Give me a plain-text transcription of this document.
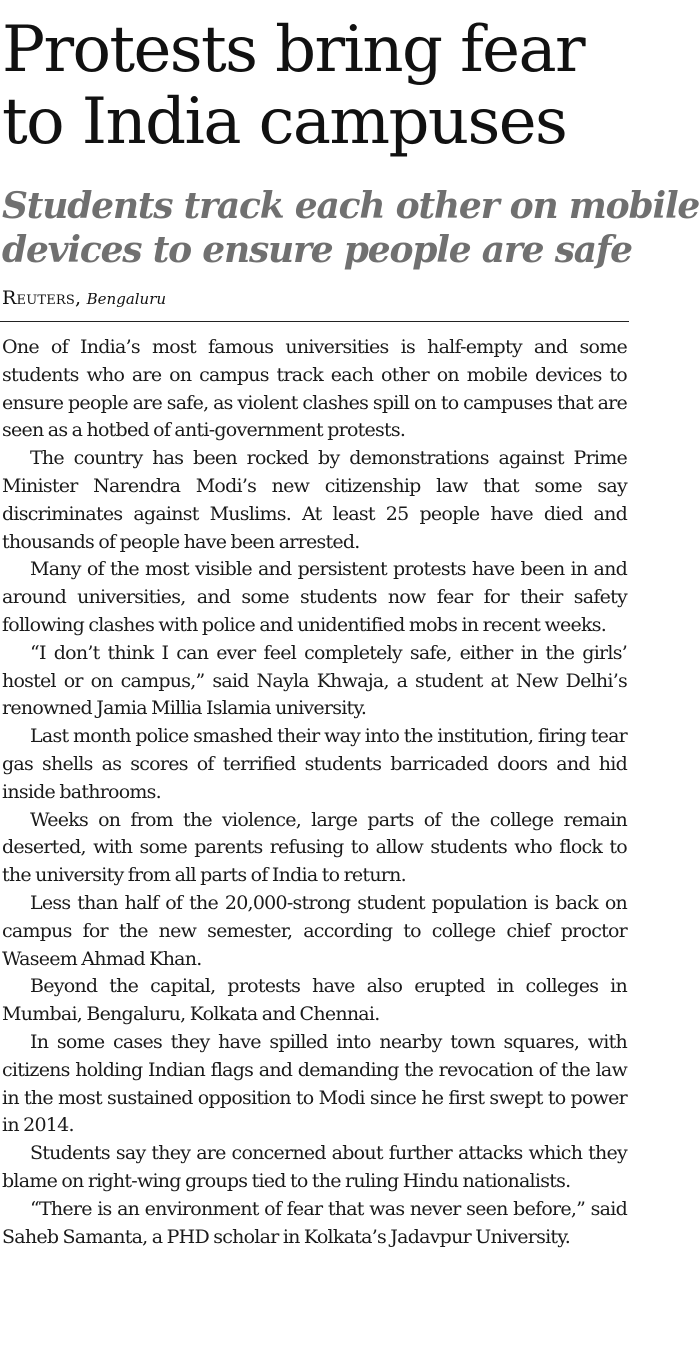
Protests bring fear
to India campuses
Students track each other on mobile
devices to ensure people are safe
Reuters, Bengaluru

One of India’s most famous universities is half-empty and some students who are on campus track each other on mobile devices to ensure people are safe, as violent clashes spill on to campuses that are seen as a hotbed of anti-government protests.

The country has been rocked by demonstrations against Prime Minister Narendra Modi’s new citizenship law that some say discriminates against Muslims. At least 25 people have died and thousands of people have been arrested.

Many of the most visible and persistent protests have been in and around universities, and some students now fear for their safety following clashes with police and unidentified mobs in recent weeks.

“I don’t think I can ever feel completely safe, either in the girls’ hostel or on campus,” said Nayla Khwaja, a student at New Delhi’s renowned Jamia Millia Islamia university.

Last month police smashed their way into the institution, firing tear gas shells as scores of terrified students barricaded doors and hid inside bathrooms.

Weeks on from the violence, large parts of the college remain deserted, with some parents refusing to allow students who flock to the university from all parts of India to return.

Less than half of the 20,000-strong student population is back on campus for the new semester, according to college chief proctor Waseem Ahmad Khan.

Beyond the capital, protests have also erupted in colleges in Mumbai, Bengaluru, Kolkata and Chennai.

In some cases they have spilled into nearby town squares, with citizens holding Indian flags and demanding the revocation of the law in the most sustained opposition to Modi since he first swept to power in 2014.

Students say they are concerned about further attacks which they blame on right-wing groups tied to the ruling Hindu nationalists.

“There is an environment of fear that was never seen before,” said Saheb Samanta, a PHD scholar in Kolkata’s Jadavpur University.
